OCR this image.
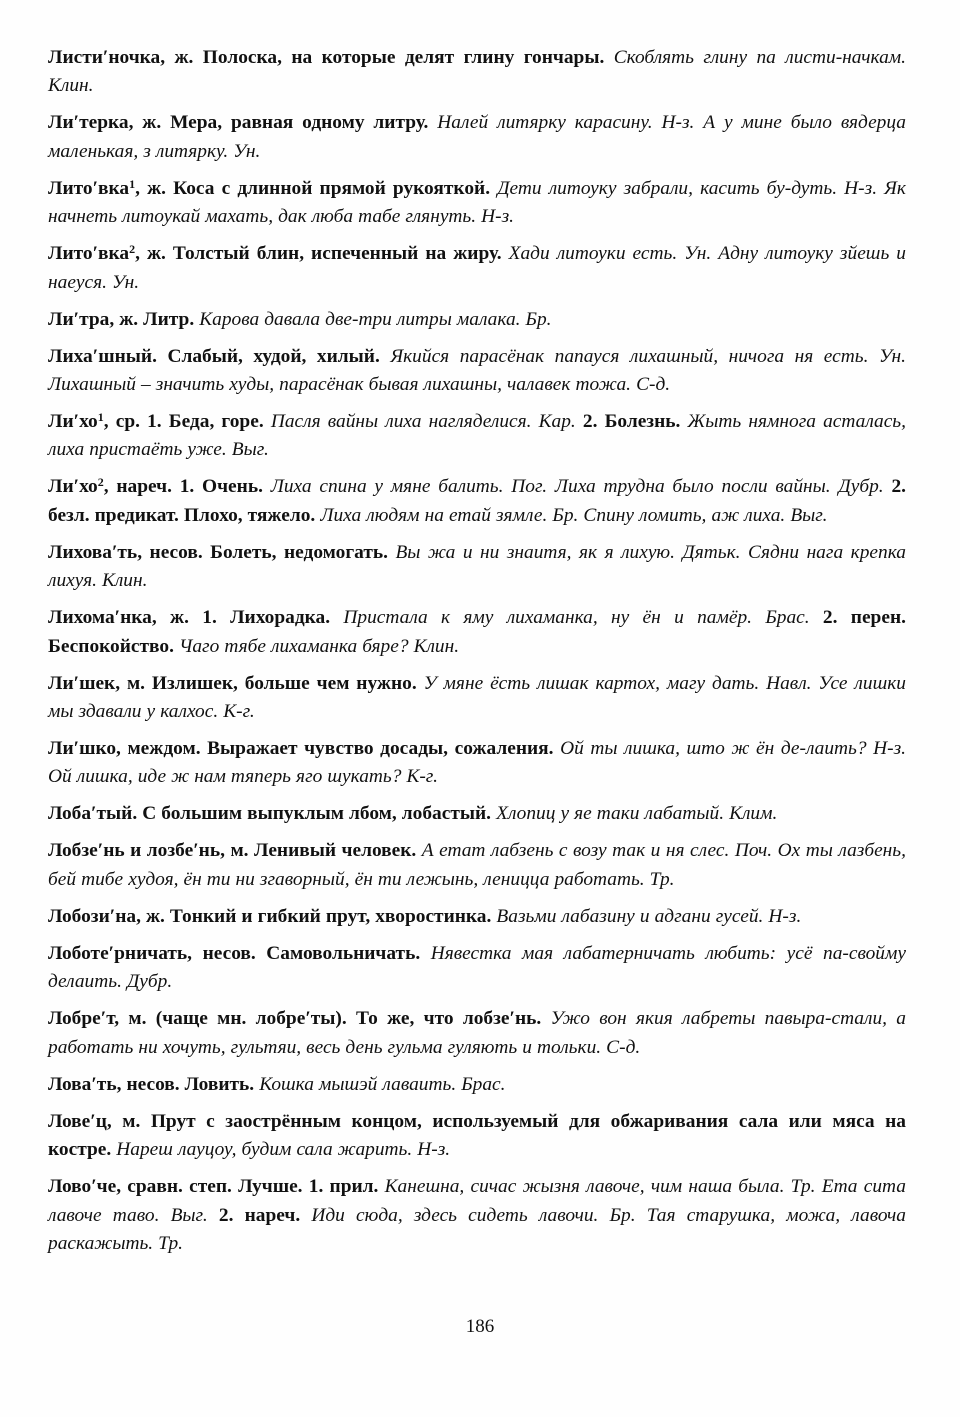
Листи′ночка, ж. Полоска, на которые делят глину гончары. Скоблять глину па листи-начкам. Клин.

Ли′терка, ж. Мера, равная одному литру. Налей литярку карасину. Н-з. А у мине было вядерца маленькая, з литярку. Ун.

Лито′вка$^1$, ж. Коса с длинной прямой рукояткой. Дети литоуку забрали, касить бу-дуть. Н-з. Як начнеть литоукай махать, дак люба табе глянуть. Н-з.

Лито′вка$^2$, ж. Толстый блин, испеченный на жиру. Хади литоуки есть. Ун. Адну литоуку зйешь и наеуся. Ун.

Ли′тра, ж. Литр. Карова давала две-три литры малака. Бр.

Лиха′шный. Слабый, худой, хилый. Якийся парасёнак папауся лихашный, ничога ня есть. Ун. Лихашный – значить худы, парасёнак бывая лихашны, чалавек тожа. С-д.

$Ли'хо^1$, ср. 1. Беда, горе. Пасля вайны лиха нагляделися. Кар. 2. Болезнь. Жыть нямнога асталась, лиха пристаёть уже. Выг.

$Ли'хо^2$, нареч. 1. Очень. Лиха спина у мяне балить. Пог. Лиха трудна было посли вайны. Дубр. 2. безл. предикат. Плохо, тяжело. Лиха людям на етай зямле. Бр. Спину ломить, аж лиха. Выг.

Лихова′ть, несов. Болеть, недомогать. Вы жа и ни знаитя, як я лихую. Дятьк. Сядни нага крепка лихуя. Клин.

Лихома′нка, ж. 1. Лихорадка. Пристала к яму лихаманка, ну ён и памёр. Брас. 2. перен. Беспокойство. Чаго тябе лихаманка бяре? Клин.

Ли′шек, м. Излишек, больше чем нужно. У мяне ёсть лишак картох, магу дать. Навл. Усе лишки мы здавали у калхос. К-г.

Ли′шко, междом. Выражает чувство досады, сожаления. Ой ты лишка, што ж ён де-лаить? Н-з. Ой лишка, иде ж нам тяперь яго шукать? К-г.

Лоба′тый. С большим выпуклым лбом, лобастый. Хлопиц у яе таки лабатый. Клим.

Лобзе′нь и лозбе′нь, м. Ленивый человек. А етат лабзень с возу так и ня слес. Поч. Ох ты лазбень, бей тибе худоя, ён ти ни згаворный, ён ти лежынь, леницца работать. Тр.

Лобози′на, ж. Тонкий и гибкий прут, хворостинка. Вазьми лабазину и адгани гусей. Н-з.

Лоботе′рничать, несов. Самовольничать. Нявестка мая лабатерничать любить: усё па-свойму делаить. Дубр.

Лобре′т, м. (чаще мн. лобре′ты). То же, что лобзе′нь. Ужо вон якия лабреты павыра-стали, а работать ни хочуть, гультяи, весь день гульма гуляють и тольки. С-д.

Лова′ть, несов. Ловить. Кошка мышэй лаваить. Брас.

Лове′ц, м. Прут с заострённым концом, используемый для обжаривания сала или мяса на костре. Нареш лауцоу, будим сала жарить. Н-з.

Лово′че, сравн. степ. Лучше. 1. прил. Канешна, сичас жызня лавоче, чим наша была. Тр. Ета сита лавоче таво. Выг. 2. нареч. Иди сюда, здесь сидеть лавочи. Бр. Тая старушка, можа, лавоча раскажыть. Тр.

186
